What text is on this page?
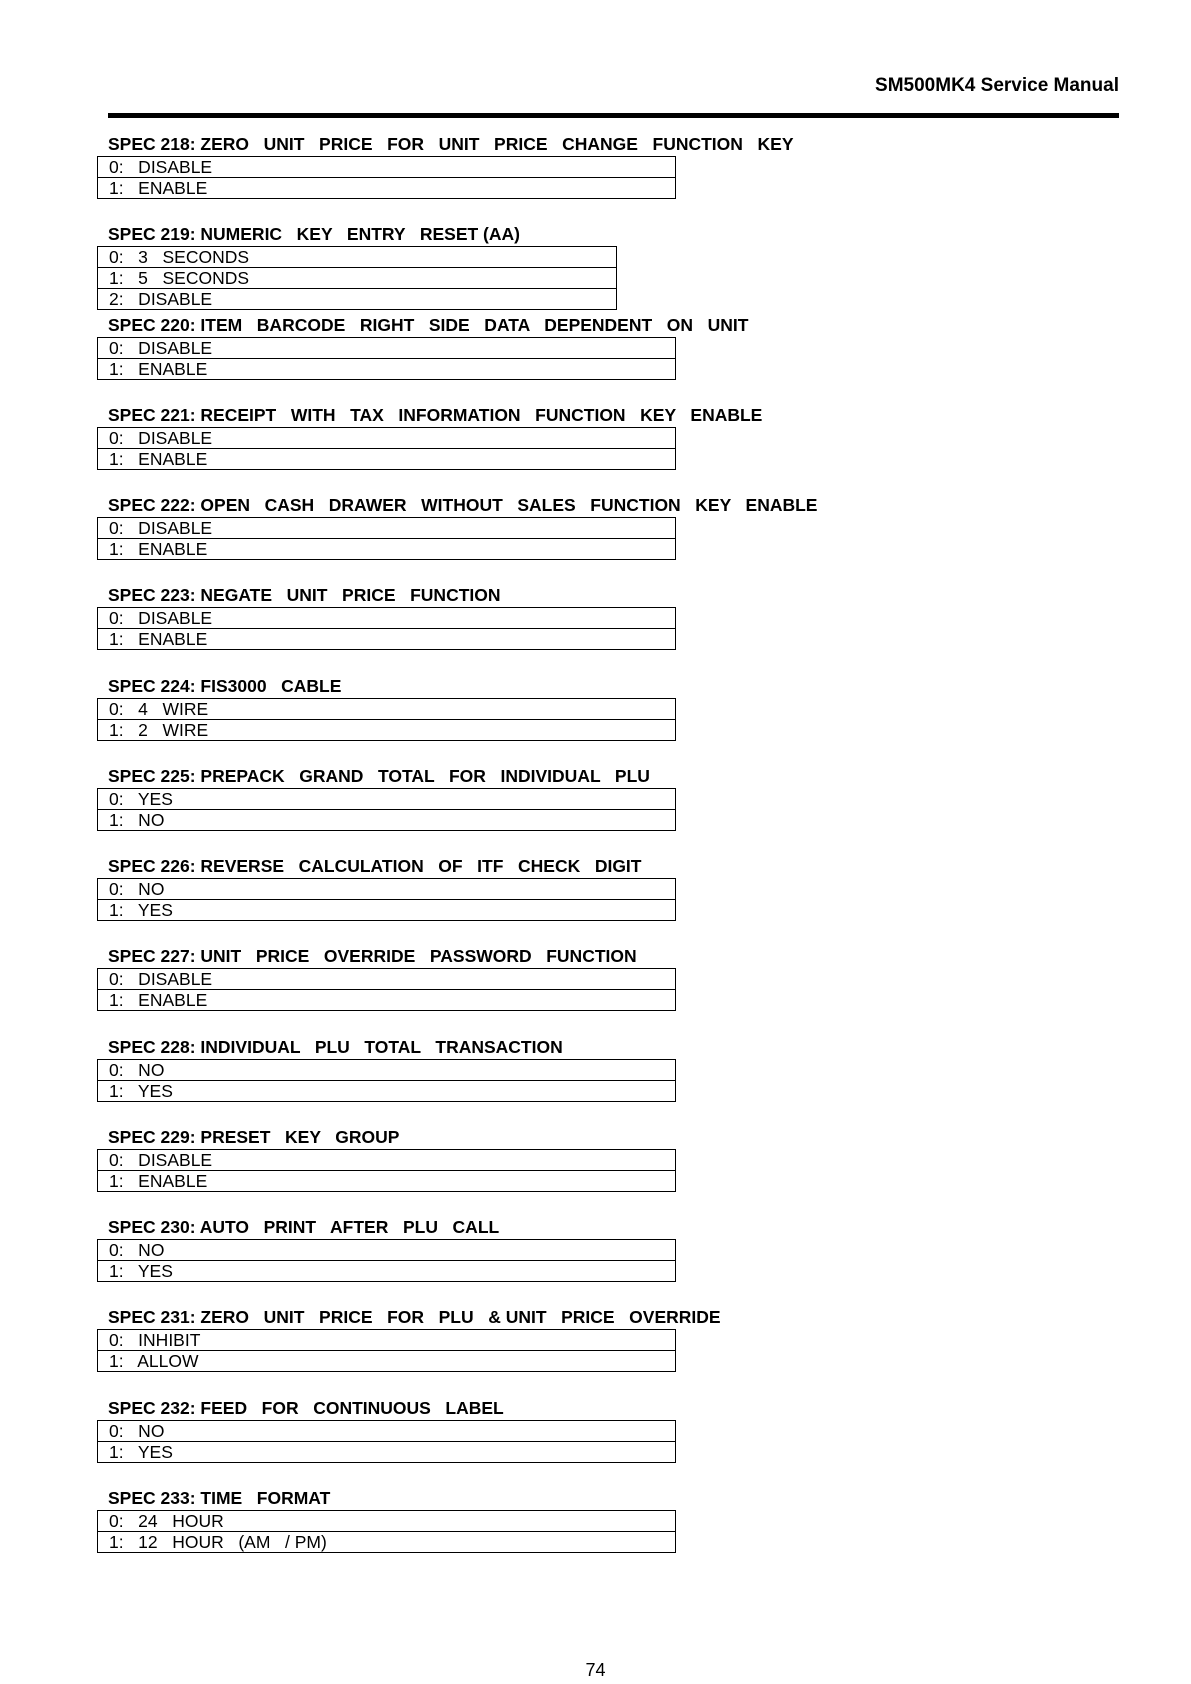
SM500MK4 Service Manual
SPEC 218: ZERO   UNIT   PRICE   FOR   UNIT   PRICE   CHANGE   FUNCTION   KEY
0:   DISABLE
1:   ENABLE
SPEC 219: NUMERIC   KEY   ENTRY   RESET (AA)
0:   3   SECONDS
1:   5   SECONDS
2:   DISABLE
SPEC 220: ITEM   BARCODE   RIGHT   SIDE   DATA   DEPENDENT   ON   UNIT
0:   DISABLE
1:   ENABLE
SPEC 221: RECEIPT   WITH   TAX   INFORMATION   FUNCTION   KEY   ENABLE
0:   DISABLE
1:   ENABLE
SPEC 222: OPEN   CASH   DRAWER   WITHOUT   SALES   FUNCTION   KEY   ENABLE
0:   DISABLE
1:   ENABLE
SPEC 223: NEGATE   UNIT   PRICE   FUNCTION
0:   DISABLE
1:   ENABLE
SPEC 224: FIS3000   CABLE
0:   4   WIRE
1:   2   WIRE
SPEC 225: PREPACK   GRAND   TOTAL   FOR   INDIVIDUAL   PLU
0:   YES
1:   NO
SPEC 226: REVERSE   CALCULATION   OF   ITF   CHECK   DIGIT
0:   NO
1:   YES
SPEC 227: UNIT   PRICE   OVERRIDE   PASSWORD   FUNCTION
0:   DISABLE
1:   ENABLE
SPEC 228: INDIVIDUAL   PLU   TOTAL   TRANSACTION
0:   NO
1:   YES
SPEC 229: PRESET   KEY   GROUP
0:   DISABLE
1:   ENABLE
SPEC 230: AUTO   PRINT   AFTER   PLU   CALL
0:   NO
1:   YES
SPEC 231: ZERO   UNIT   PRICE   FOR   PLU   & UNIT   PRICE   OVERRIDE
0:   INHIBIT
1:   ALLOW
SPEC 232: FEED   FOR   CONTINUOUS   LABEL
0:   NO
1:   YES
SPEC 233: TIME   FORMAT
0:   24   HOUR
1:   12   HOUR   (AM   / PM)
74
